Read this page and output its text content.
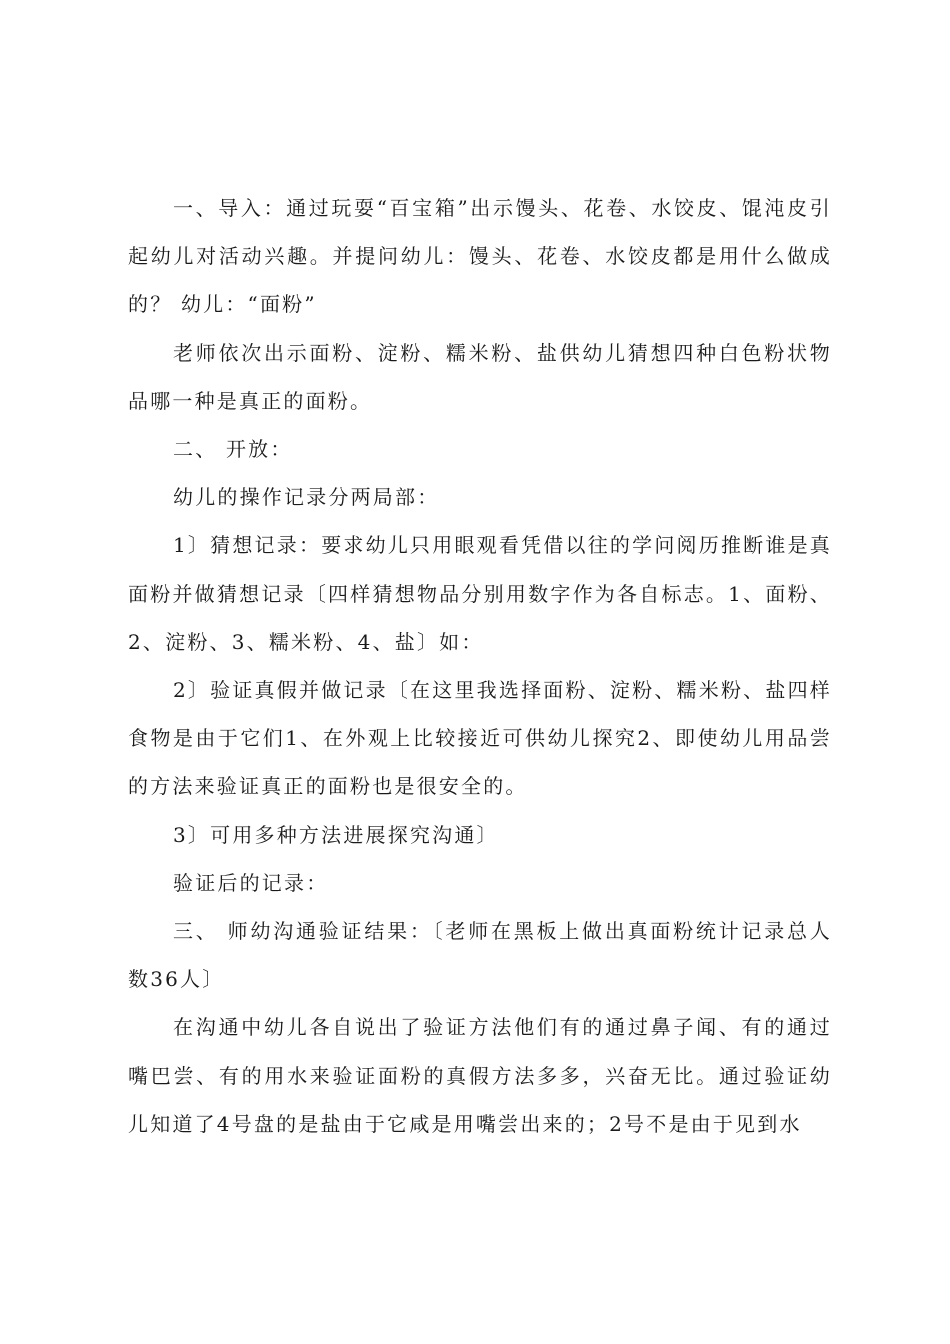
一、导入：通过玩耍“百宝箱”出示馒头、花卷、水饺皮、馄沌皮引起幼儿对活动兴趣。并提问幼儿：馒头、花卷、水饺皮都是用什么做成的？ 幼儿：“面粉”

老师依次出示面粉、淀粉、糯米粉、盐供幼儿猜想四种白色粉状物品哪一种是真正的面粉。

二、 开放：

幼儿的操作记录分两局部：

1〕猜想记录：要求幼儿只用眼观看凭借以往的学问阅历推断谁是真面粉并做猜想记录〔四样猜想物品分别用数字作为各自标志。1、面粉、2、淀粉、3、糯米粉、4、盐〕如：

2〕验证真假并做记录〔在这里我选择面粉、淀粉、糯米粉、盐四样食物是由于它们1、在外观上比较接近可供幼儿探究2、即使幼儿用品尝的方法来验证真正的面粉也是很安全的。

3〕可用多种方法进展探究沟通〕

验证后的记录：

三、 师幼沟通验证结果：〔老师在黑板上做出真面粉统计记录总人数36人〕

在沟通中幼儿各自说出了验证方法他们有的通过鼻子闻、有的通过嘴巴尝、有的用水来验证面粉的真假方法多多，兴奋无比。通过验证幼儿知道了4号盘的是盐由于它咸是用嘴尝出来的；2号不是由于见到水
